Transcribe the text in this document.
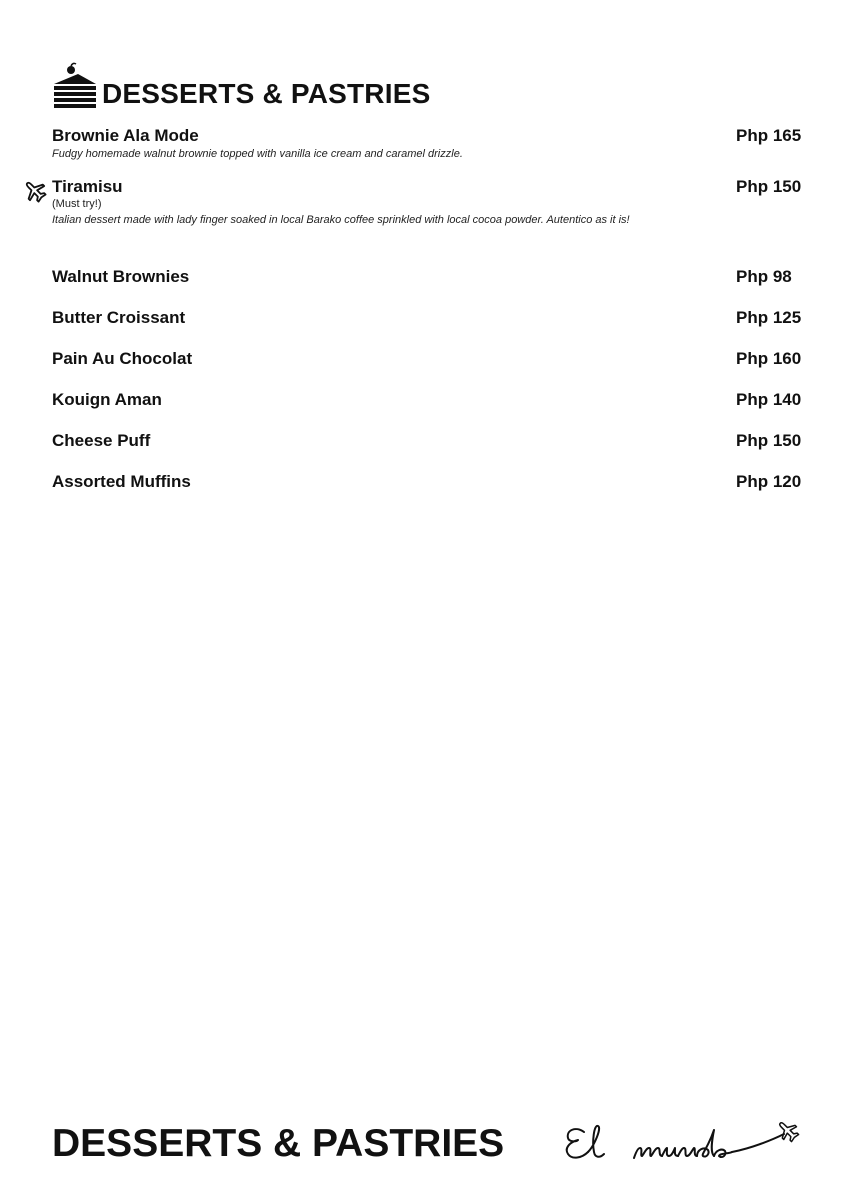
DESSERTS & PASTRIES
Brownie Ala Mode	Php 165
Fudgy homemade walnut brownie topped with vanilla ice cream and caramel drizzle.
Tiramisu	Php 150
(Must try!)
Italian dessert made with lady finger soaked in local Barako coffee sprinkled with local cocoa powder. Autentico as it is!
Walnut Brownies	Php 98
Butter Croissant	Php 125
Pain Au Chocolat	Php 160
Kouign Aman	Php 140
Cheese Puff	Php 150
Assorted Muffins	Php 120
DESSERTS & PASTRIES
